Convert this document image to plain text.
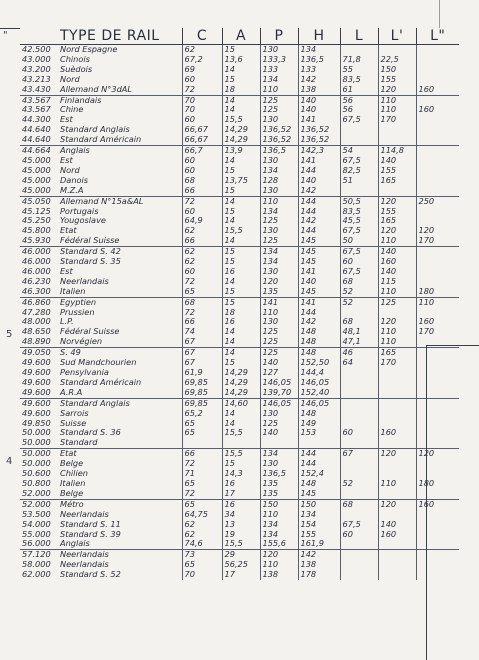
"
5
4
	TYPE DE RAIL	C	A	P	H	L	L'	L"
42.500	Nord Espagne	62	15	130	134			
43.000	Chinois	67,2	13,6	133,3	136,5	71,8	22,5	
43.200	Suèdois	69	14	133	133	55	150	
43.213	Nord	60	15	134	142	83,5	155	
43.430	Allemand N°3dAL	72	18	110	138	61	120	160
43.567	Finlandais	70	14	125	140	56	110	
43.567	Chine	70	14	125	140	56	110	160
44.300	Est	60	15,5	130	141	67,5	170	
44.640	Standard Anglais	66,67	14,29	136,52	136,52			
44.640	Standard Américain	66,67	14,29	136,52	136,52			
44.664	Anglais	66,7	13,9	136,5	142,3	54	114,8	
45.000	Est	60	14	130	141	67,5	140	
45.000	Nord	60	15	134	144	82,5	155	
45.000	Danois	68	13,75	128	140	51	165	
45.000	M.Z.A	66	15	130	142			
45.050	Allemand N°15a&AL	72	14	110	144	50,5	120	250
45.125	Portugais	60	15	134	144	83,5	155	
45.250	Yougoslave	64,9	14	125	142	45,5	165	
45.800	Etat	62	15,5	130	144	67,5	120	120
45.930	Fédéral Suisse	66	14	125	145	50	110	170
46.000	Standard S. 42	62	15	134	145	67,5	140	
46.000	Standard S. 35	62	15	134	145	60	160	
46.000	Est	60	16	130	141	67,5	140	
46.230	Neerlandais	72	14	120	140	68	115	
46.300	Italien	65	15	135	145	52	110	180
46.860	Egyptien	68	15	141	141	52	125	110
47.280	Prussien	72	18	110	144			
48.000	L.P.	66	16	130	142	68	120	160
48.650	Fédéral Suisse	74	14	125	148	48,1	110	170
48.890	Norvégien	67	14	125	148	47,1	110	
49.050	S. 49	67	14	125	148	46	165	
49.600	Sud Mandchourien	67	15	140	152,50	64	170	
49.600	Pensylvania	61,9	14,29	127	144,4			
49.600	Standard Américain	69,85	14,29	146,05	146,05			
49.600	A.R.A	69,85	14,29	139,70	152,40			
49.600	Standard Anglais	69,85	14,60	146,05	146,05			
49.600	Sarrois	65,2	14	130	148			
49.850	Suisse	65	14	125	149			
50.000	Standard S. 36	65	15,5	140	153	60	160	
50.000	Standard							
50.000	Etat	66	15,5	134	144	67	120	120
50.000	Belge	72	15	130	144			
50.600	Chilien	71	14,3	136,5	152,4			
50.800	Italien	65	16	135	148	52	110	180
52.000	Belge	72	17	135	145			
52.000	Métro	65	16	150	150	68	120	160
53.500	Neerlandais	64,75	34	110	134			
54.000	Standard S. 11	62	13	134	154	67,5	140	
55.000	Standard S. 39	62	19	134	155	60	160	
56.000	Anglais	74,6	15,5	155,6	161,9			
57.120	Neerlandais	73	29	120	142			
58.000	Neerlandais	65	56,25	110	138			
62.000	Standard S. 52	70	17	138	178			
